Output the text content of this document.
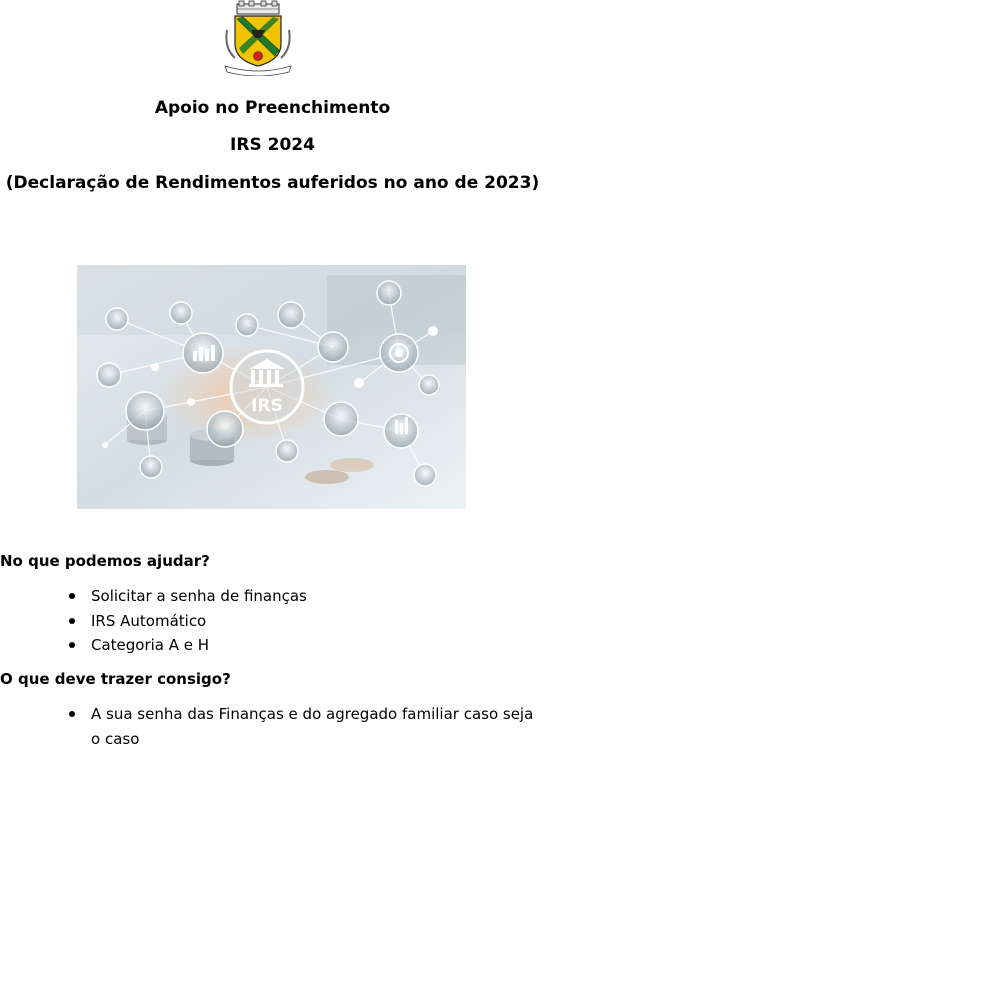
Apoio no Preenchimento
IRS 2024
(Declaração de Rendimentos auferidos no ano de 2023)
IRS
No que podemos ajudar?
Solicitar a senha de finanças
IRS Automático
Categoria A e H
O que deve trazer consigo?
A sua senha das Finanças e do agregado familiar caso seja o caso
